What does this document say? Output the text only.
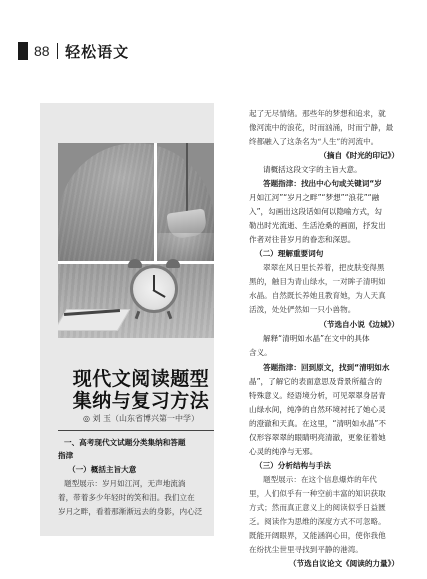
88 轻松语文
现代文阅读题型
集纳与复习方法
◎ 刘 玉（山东省博兴第一中学）
一、高考现代文试题分类集纳和答题
指津
（一）概括主旨大意
题型展示：岁月如江河，无声地流淌
着，带着多少年轻时的笑和泪。我们立在
岁月之畔，看着那渐渐远去的身影，内心泛
起了无尽情绪。那些年的梦想和追求，就
像河流中的浪花，时而汹涌，时而宁静，最
终都融入了这条名为“人生”的河流中。
（摘自《时光的印记》）
请概括这段文字的主旨大意。
答题指津：找出中心句或关键词“岁
月如江河”“岁月之畔”“梦想”“浪花”“融
入”，勾画出这段话如何以隐喻方式，勾
勒出时光流逝、生活沧桑的画面，抒发出
作者对往昔岁月的眷恋和深思。
（二）理解重要词句
翠翠在风日里长养着，把皮肤变得黑
黑的，触目为青山绿水，一对眸子清明如
水晶。自然既长养她且教育她，为人天真
活泼，处处俨然如一只小兽物。
（节选自小说《边城》）
解释“清明如水晶”在文中的具体
含义。
答题指津：回到原文，找到“清明如水
晶”，了解它的表面意思及背景所蕴含的
特殊意义。经语境分析，可见翠翠身居青
山绿水间，纯净的自然环境衬托了她心灵
的澄澈和天真。在这里，“清明如水晶”不
仅形容翠翠的眼睛明亮清澈，更象征着她
心灵的纯净与无邪。
（三）分析结构与手法
题型展示：在这个信息爆炸的年代
里，人们似乎有一种空前丰富的知识获取
方式；然而真正意义上的阅读似乎日益匮
乏。阅读作为思维的深度方式不可忽略。
既能开阔眼界，又能涵润心田，使你我他
在纷扰尘世里寻找到平静的港湾。
（节选自议论文《阅读的力量》）
